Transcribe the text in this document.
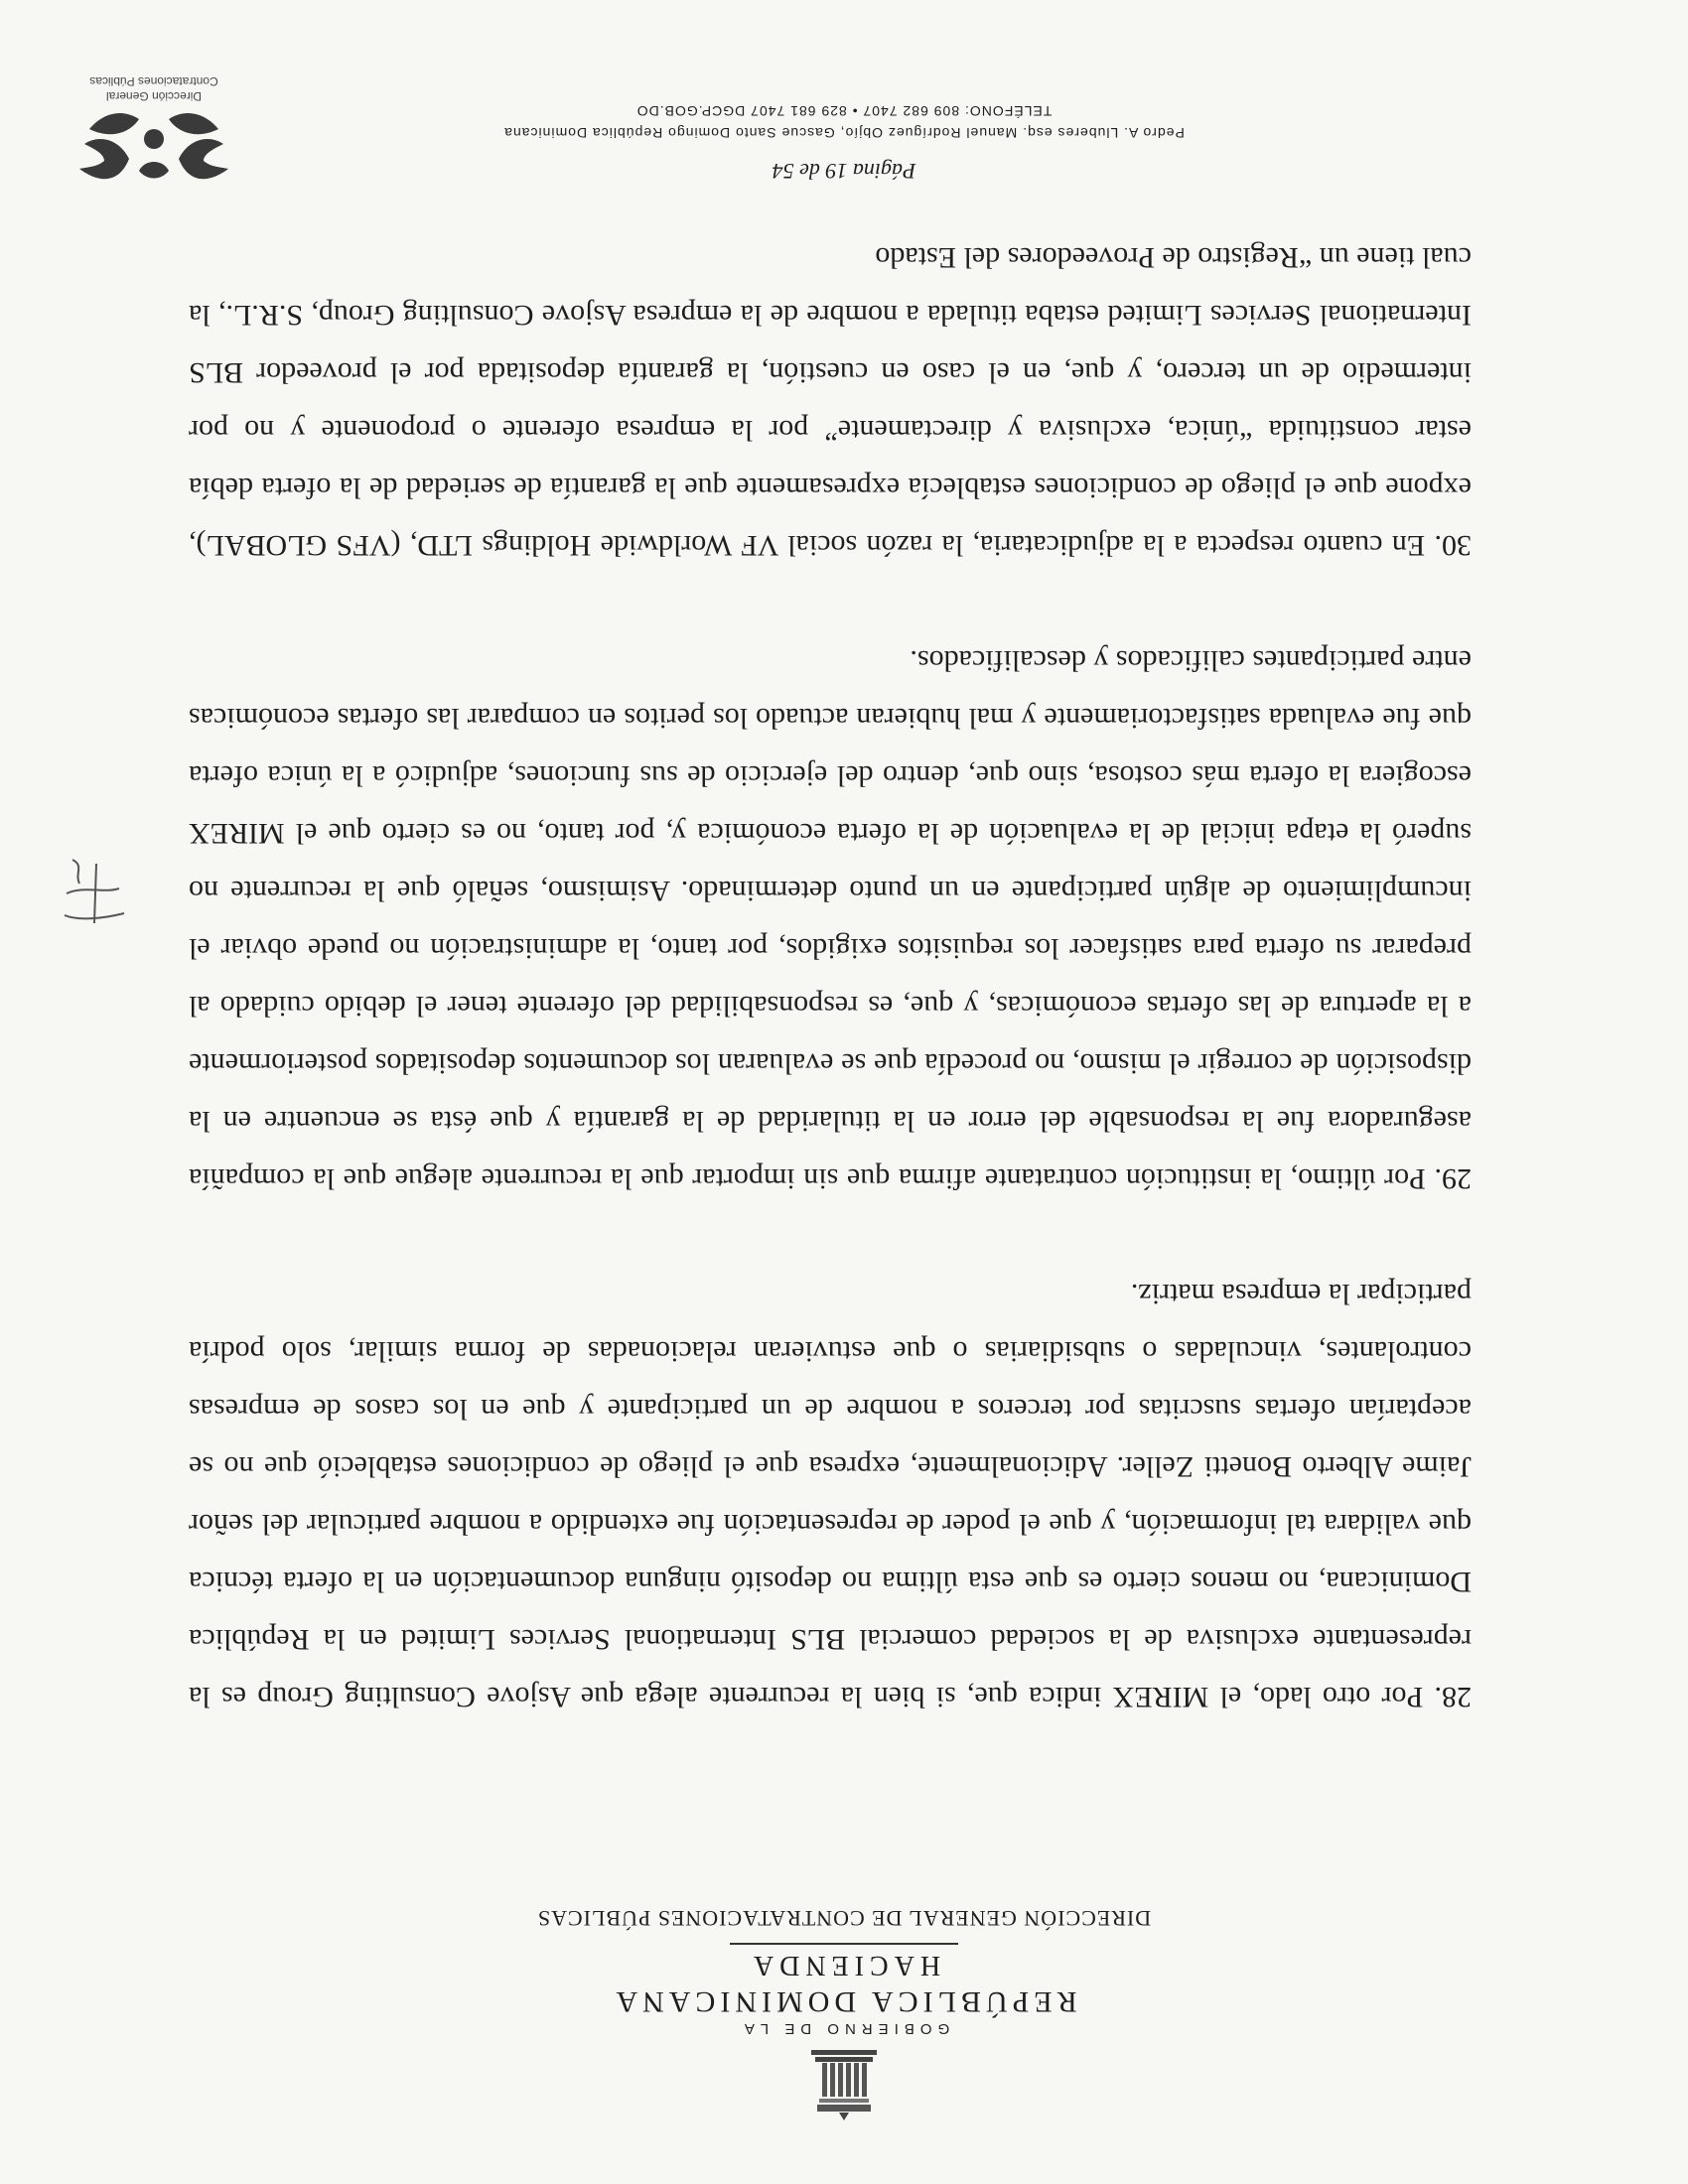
GOBIERNO DE LA
REPÚBLICA DOMINICANA
HACIENDA
DIRECCIÓN GENERAL DE CONTRATACIONES PÚBLICAS

28. Por otro lado, el MIREX indica que, si bien la recurrente alega que Asjove Consulting Group es la representante exclusiva de la sociedad comercial BLS International Services Limited en la República Dominicana, no menos cierto es que esta última no depositó ninguna documentación en la oferta técnica que validara tal información, y que el poder de representación fue extendido a nombre particular del señor Jaime Alberto Bonetti Zeller. Adicionalmente, expresa que el pliego de condiciones estableció que no se aceptarían ofertas suscritas por terceros a nombre de un participante y que en los casos de empresas controlantes, vinculadas o subsidiarias o que estuvieran relacionadas de forma similar, solo podría participar la empresa matriz.

29. Por último, la institución contratante afirma que sin importar que la recurrente alegue que la compañía aseguradora fue la responsable del error en la titularidad de la garantía y que ésta se encuentre en la disposición de corregir el mismo, no procedía que se evaluaran los documentos depositados posteriormente a la apertura de las ofertas económicas, y que, es responsabilidad del oferente tener el debido cuidado al preparar su oferta para satisfacer los requisitos exigidos, por tanto, la administración no puede obviar el incumplimiento de algún participante en un punto determinado. Asimismo, señaló que la recurrente no superó la etapa inicial de la evaluación de la oferta económica y, por tanto, no es cierto que el MIREX escogiera la oferta más costosa, sino que, dentro del ejercicio de sus funciones, adjudicó a la única oferta que fue evaluada satisfactoriamente y mal hubieran actuado los peritos en comparar las ofertas económicas entre participantes calificados y descalificados.

30. En cuanto respecta a la adjudicataria, la razón social VF Worldwide Holdings LTD, (VFS GLOBAL), expone que el pliego de condiciones establecía expresamente que la garantía de seriedad de la oferta debía estar constituida “única, exclusiva y directamente” por la empresa oferente o proponente y no por intermedio de un tercero, y que, en el caso en cuestión, la garantía depositada por el proveedor BLS International Services Limited estaba titulada a nombre de la empresa Asjove Consulting Group, S.R.L., la cual tiene un “Registro de Proveedores del Estado

Página 19 de 54
Pedro A. Lluberes esq. Manuel Rodríguez Objío, Gascue Santo Domingo República Dominicana
TELÉFONO: 809 682 7407 • 829 681 7407 DGCP.GOB.DO
Dirección General
Contrataciones Públicas
